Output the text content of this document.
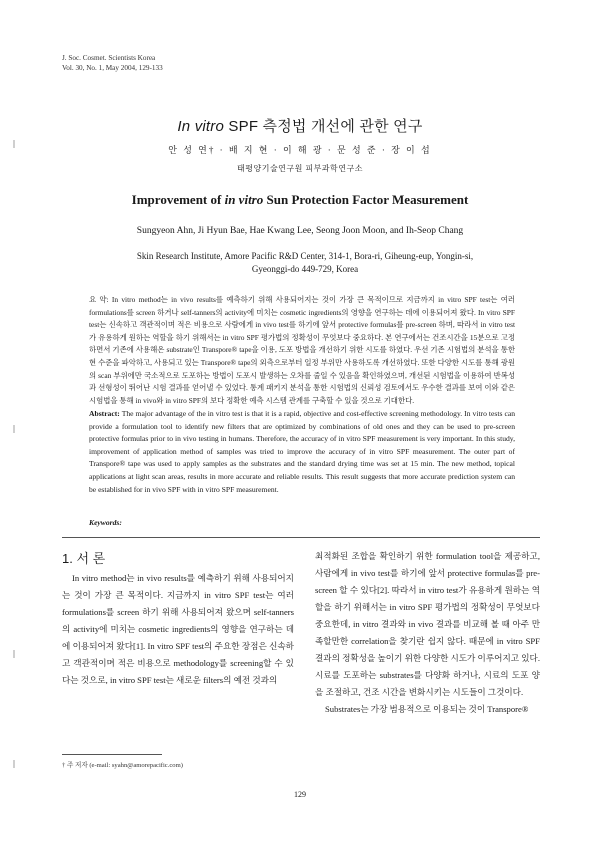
J. Soc. Cosmet. Scientists Korea
Vol. 30, No. 1, May 2004, 129-133
In vitro SPF 측정법 개선에 관한 연구
안 성 연† · 배 지 현 · 이 해 광 · 문 성 준 · 장 이 섭
태평양기술연구원 피부과학연구소
Improvement of in vitro Sun Protection Factor Measurement
Sungyeon Ahn, Ji Hyun Bae, Hae Kwang Lee, Seong Joon Moon, and Ih-Seop Chang
Skin Research Institute, Amore Pacific R&D Center, 314-1, Bora-ri, Giheung-eup, Yongin-si,
Gyeonggi-do 449-729, Korea
요 약: In vitro method는 in vivo results를 예측하기 위해 사용되어지는 것이 가장 큰 목적이므로 지금까지 in vitro SPF test는 여러 formulations를 screen 하거나 self-tanners의 activity에 미치는 cosmetic ingredients의 영향을 연구하는 데에 이용되어져 왔다. In vitro SPF test는 신속하고 객관적이며 적은 비용으로 사람에게 in vivo test를 하기에 앞서 protective formulas를 pre-screen 하며, 따라서 in vitro test가 유용하게 원하는 역할을 하기 위해서는 in vitro SPF 평가법의 정확성이 무엇보다 중요하다. 본 연구에서는 건조시간을 15분으로 고정하면서 기존에 사용해온 substrate인 Transpore® tape을 이용, 도포 방법을 개선하기 위한 시도를 하였다. 우선 기존 시험법의 분석을 통한 현 수준을 파악하고, 사용되고 있는 Transpore® tape의 외측으로부터 일정 부위만 사용하도록 개선하였다. 또한 다양한 시도를 통해 광원의 scan 부위에만 국소적으로 도포하는 방법이 도포시 발생하는 오차를 줄일 수 있음을 확인하였으며, 개선된 시험법을 이용하여 반복성과 선형성이 뛰어난 시험 결과를 얻어낼 수 있었다. 통계 패키지 분석을 통한 시험법의 신뢰성 검토에서도 우수한 결과를 보여 이와 같은 시험법을 통해 in vivo와 in vitro SPF의 보다 정확한 예측 시스템 관계를 구축할 수 있을 것으로 기대한다.
Abstract: The major advantage of the in vitro test is that it is a rapid, objective and cost-effective screening methodology. In vitro tests can provide a formulation tool to identify new filters that are optimized by combinations of old ones and they can be used to pre-screen protective formulas prior to in vivo testing in humans. Therefore, the accuracy of in vitro SPF measurement is very important. In this study, improvement of application method of samples was tried to improve the accuracy of in vitro SPF measurement. The outer part of Transpore® tape was used to apply samples as the substrates and the standard drying time was set at 15 min. The new method, topical applications at light scan areas, results in more accurate and reliable results. This result suggests that more accurate prediction system can be established for in vivo SPF with in vitro SPF measurement.
Keywords:
1. 서 론

In vitro method는 in vivo results를 예측하기 위해 사용되어지는 것이 가장 큰 목적이다. 지금까지 in vitro SPF test는 여러 formulations를 screen 하기 위해 사용되어져 왔으며 self-tanners의 activity에 미치는 cosmetic ingredients의 영향을 연구하는 데에 이용되어져 왔다[1]. In vitro SPF test의 주요한 장점은 신속하고 객관적이며 적은 비용으로 methodology를 screening할 수 있다는 것으로, in vitro SPF test는 새로운 filters의 예전 것과의

최적화된 조합을 확인하기 위한 formulation tool을 제공하고, 사람에게 in vivo test를 하기에 앞서 protective formulas를 pre-screen 할 수 있다[2]. 따라서 in vitro test가 유용하게 원하는 역할을 하기 위해서는 in vitro SPF 평가법의 정확성이 무엇보다 중요한데, in vitro 결과와 in vivo 결과를 비교해 볼 때 아주 만족할만한 correlation을 찾기란 쉽지 않다. 때문에 in vitro SPF 결과의 정확성을 높이기 위한 다양한 시도가 이루어지고 있다. 시료를 도포하는 substrates를 다양화 하거나, 시료의 도포 양을 조절하고, 건조 시간을 변화시키는 시도들이 그것이다.

Substrates는 가장 범용적으로 이용되는 것이 Transpore®

† 주 저자 (e-mail: syahn@amorepacific.com)
129
